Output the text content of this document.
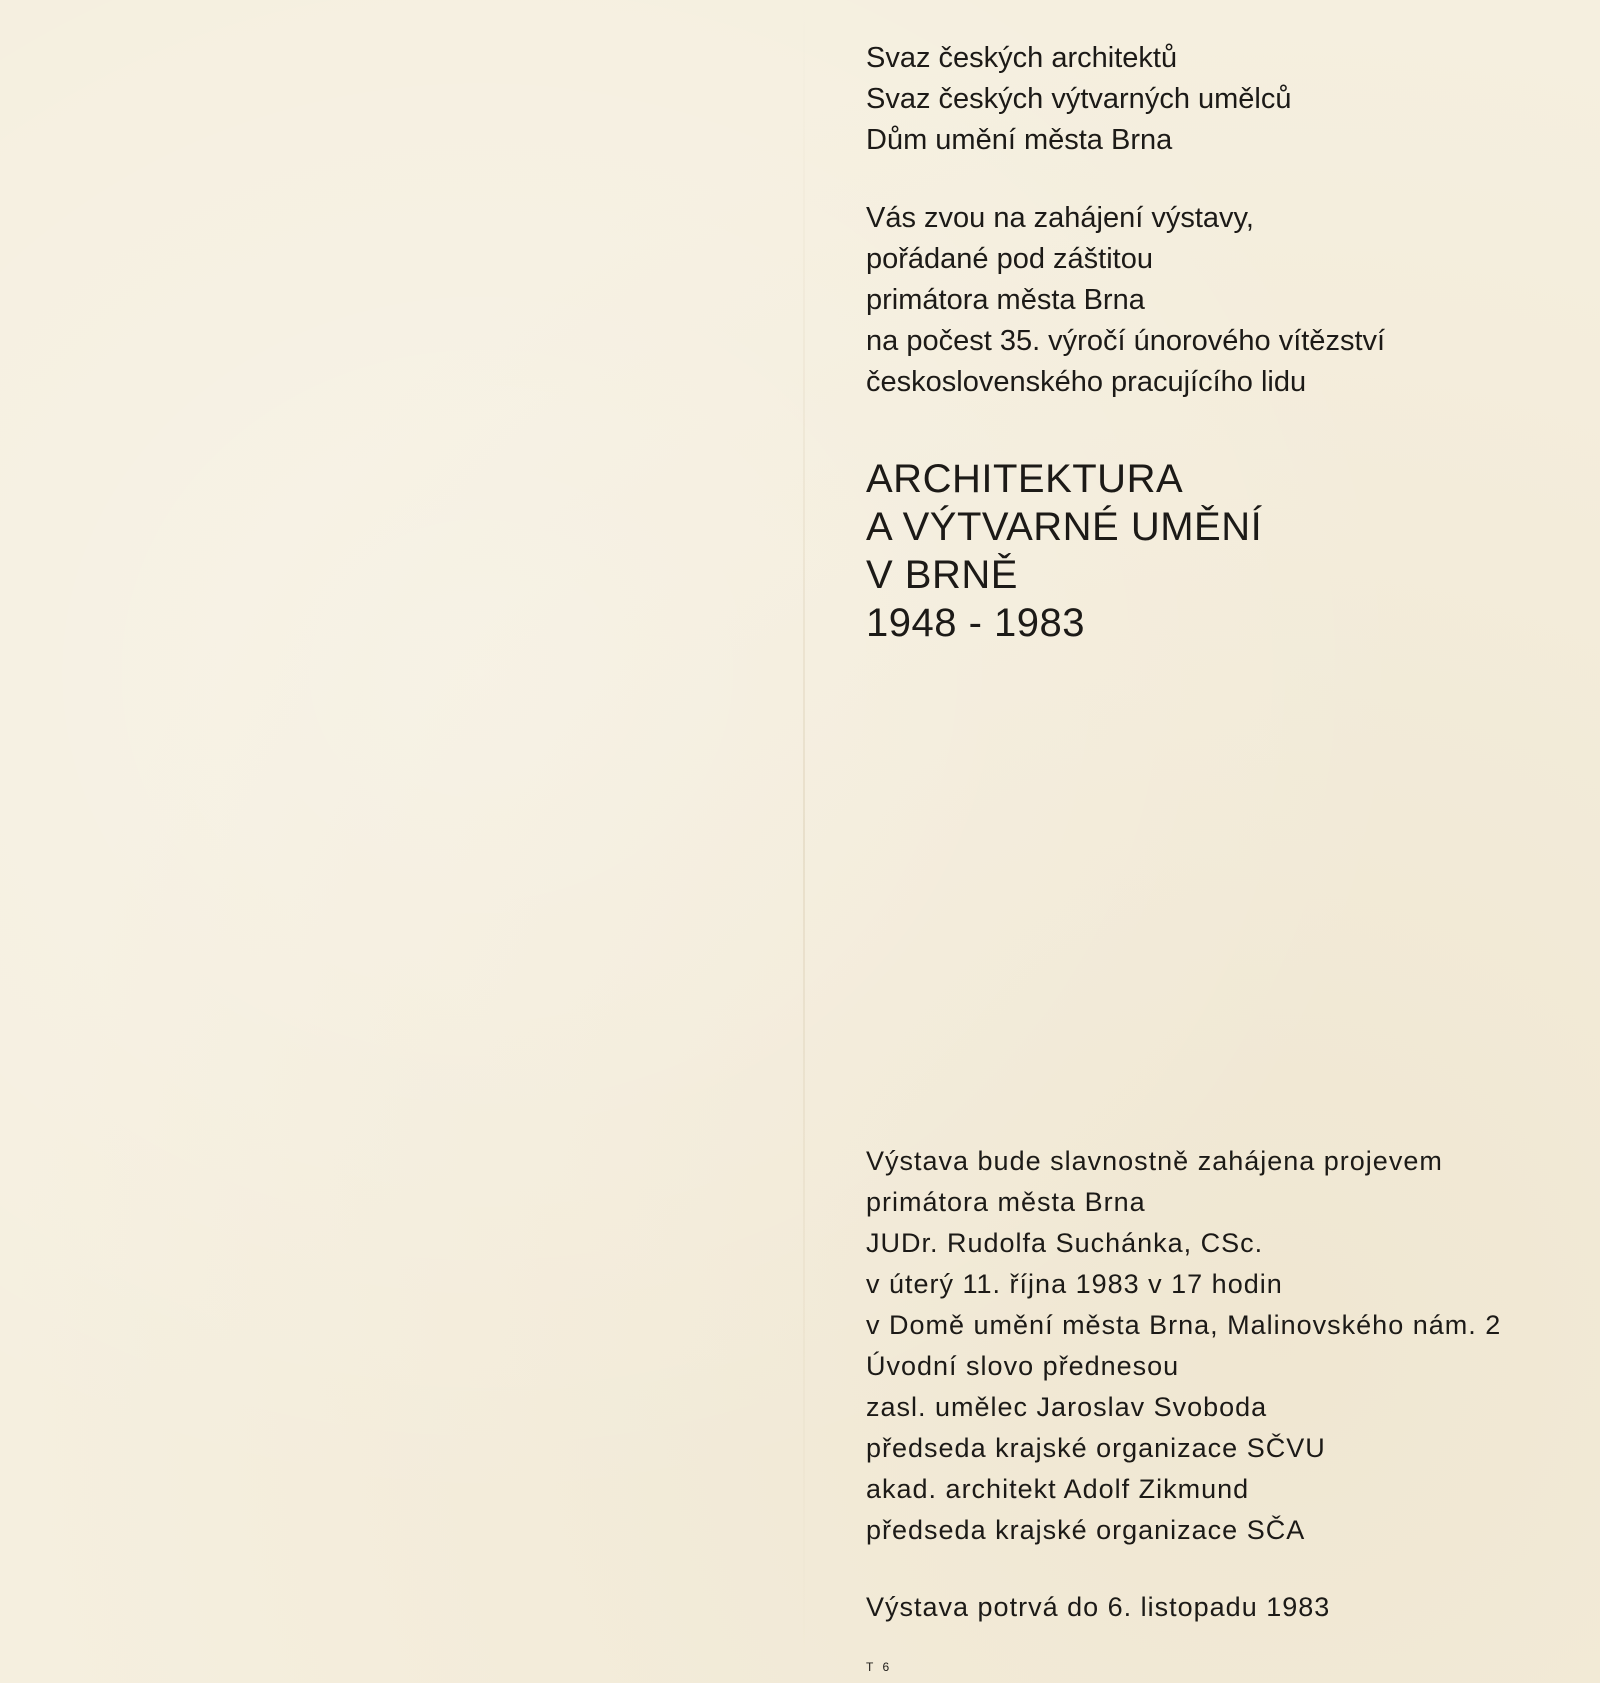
Svaz českých architektů
Svaz českých výtvarných umělců
Dům umění města Brna
Vás zvou na zahájení výstavy,
pořádané pod záštitou
primátora města Brna
na počest 35. výročí únorového vítězství
československého pracujícího lidu
ARCHITEKTURA
A VÝTVARNÉ UMĚNÍ
V BRNĚ
1948 - 1983
Výstava bude slavnostně zahájena projevem
primátora města Brna
JUDr. Rudolfa Suchánka, CSc.
v úterý 11. října 1983 v 17 hodin
v Domě umění města Brna, Malinovského nám. 2
Úvodní slovo přednesou
zasl. umělec Jaroslav Svoboda
předseda krajské organizace SČVU
akad. architekt Adolf Zikmund
předseda krajské organizace SČA
Výstava potrvá do 6. listopadu 1983
T 6
